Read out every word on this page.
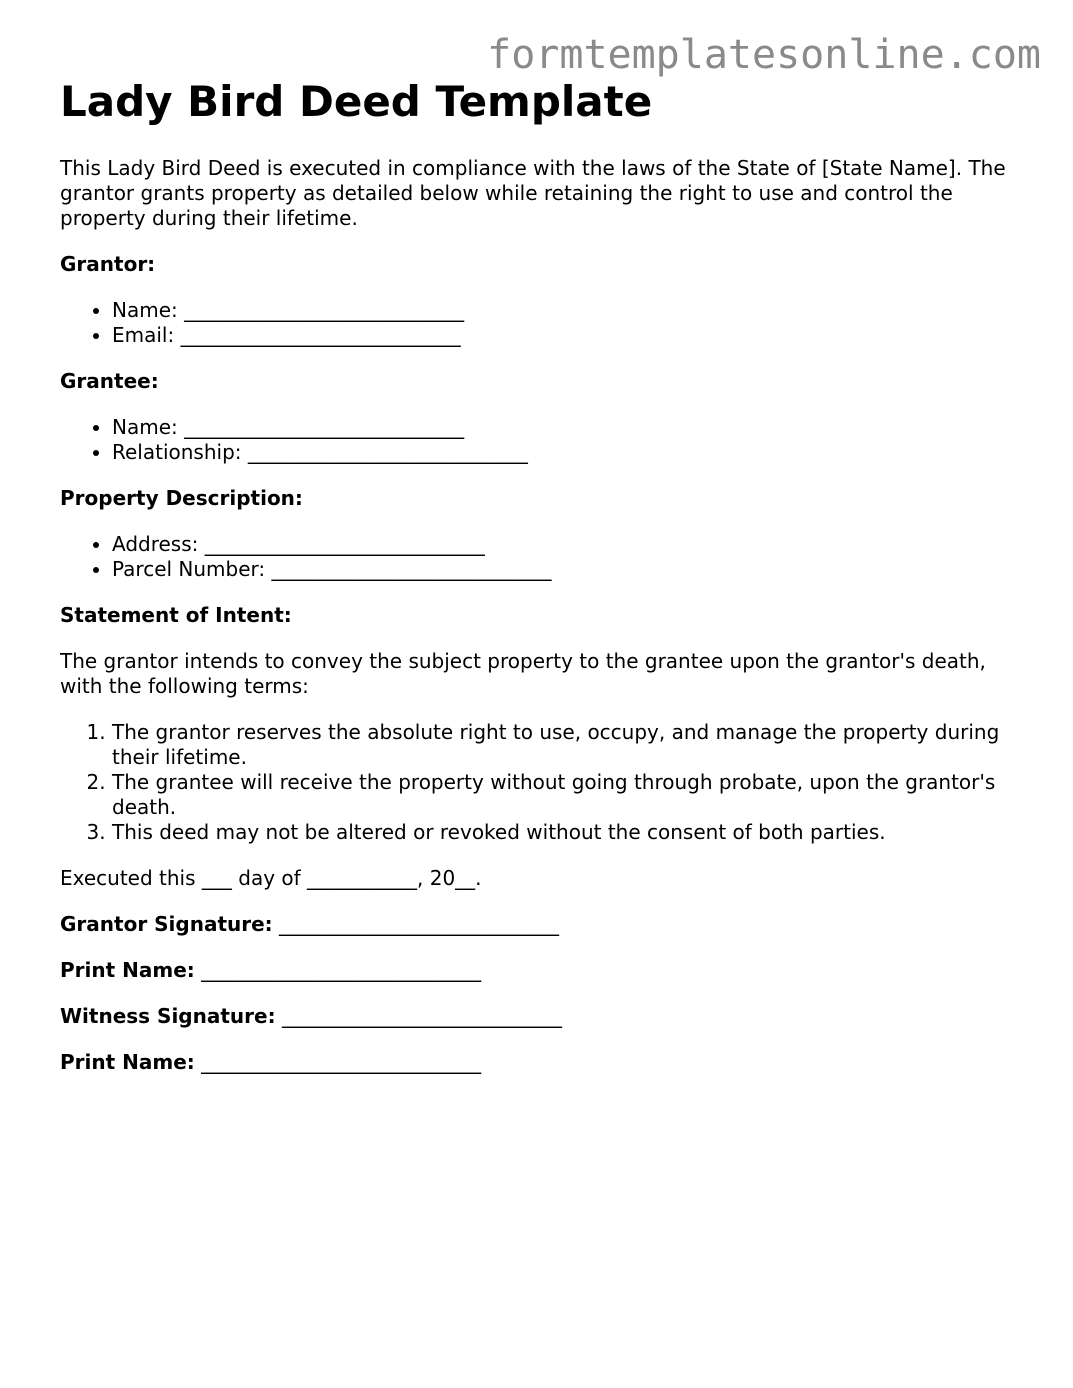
formtemplatesonline.com
Lady Bird Deed Template

This Lady Bird Deed is executed in compliance with the laws of the State of [State Name]. The grantor grants property as detailed below while retaining the right to use and control the property during their lifetime.

Grantor:
• Name: ____________________________
• Email: ____________________________
Grantee:
• Name: ____________________________
• Relationship: ____________________________
Property Description:
• Address: ____________________________
• Parcel Number: ____________________________
Statement of Intent:

The grantor intends to convey the subject property to the grantee upon the grantor's death, with the following terms:

1. The grantor reserves the absolute right to use, occupy, and manage the property during their lifetime.
2. The grantee will receive the property without going through probate, upon the grantor's death.
3. This deed may not be altered or revoked without the consent of both parties.

Executed this ___ day of ___________, 20__.

Grantor Signature: ____________________________

Print Name: ____________________________

Witness Signature: ____________________________

Print Name: ____________________________
